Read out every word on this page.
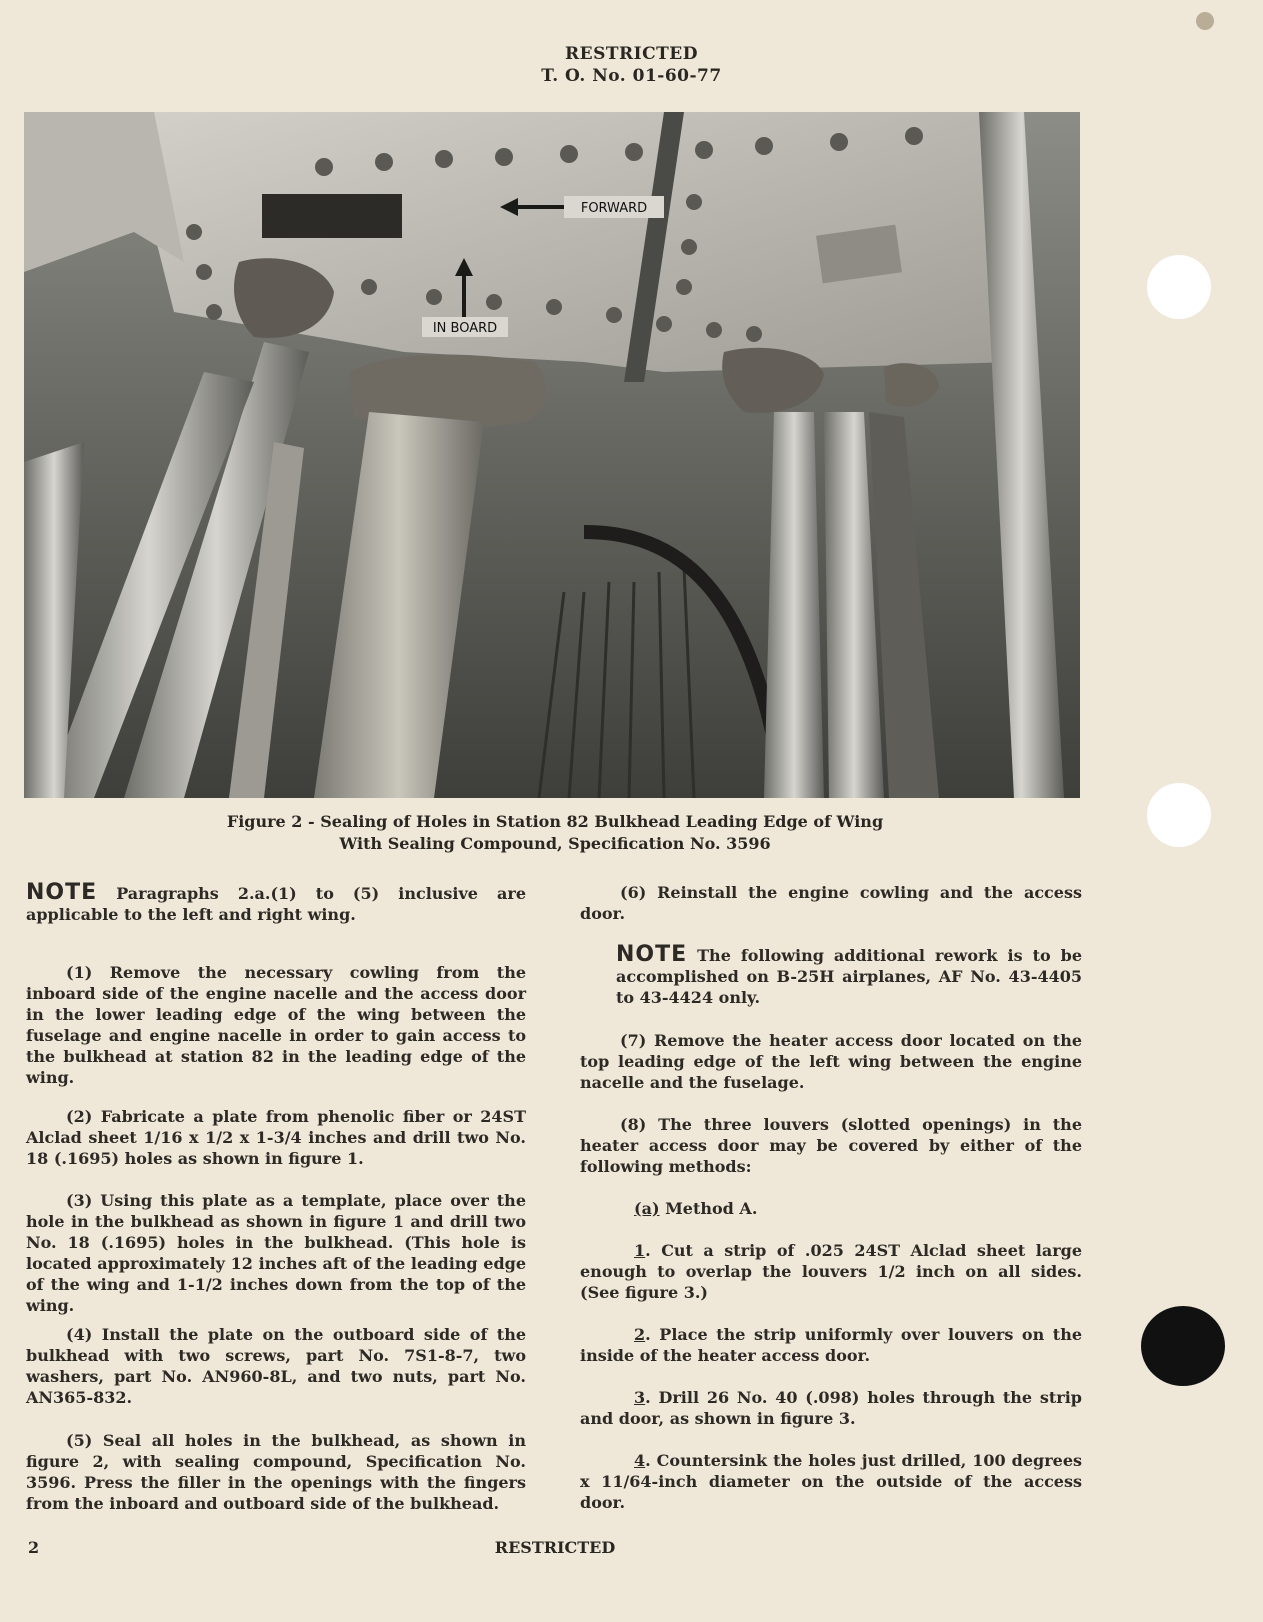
RESTRICTED
T. O. No. 01-60-77
FORWARD
IN BOARD
Figure 2 - Sealing of Holes in Station 82 Bulkhead Leading Edge of Wing
With Sealing Compound, Specification No. 3596
NOTE Paragraphs 2.a.(1) to (5) inclusive are applicable to the left and right wing.
(1) Remove the necessary cowling from the inboard side of the engine nacelle and the access door in the lower leading edge of the wing between the fuselage and engine nacelle in order to gain access to the bulkhead at station 82 in the leading edge of the wing.
(2) Fabricate a plate from phenolic fiber or 24ST Alclad sheet 1/16 x 1/2 x 1-3/4 inches and drill two No. 18 (.1695) holes as shown in figure 1.
(3) Using this plate as a template, place over the hole in the bulkhead as shown in figure 1 and drill two No. 18 (.1695) holes in the bulkhead. (This hole is located approximately 12 inches aft of the leading edge of the wing and 1-1/2 inches down from the top of the wing.
(4) Install the plate on the outboard side of the bulkhead with two screws, part No. 7S1-8-7, two washers, part No. AN960-8L, and two nuts, part No. AN365-832.
(5) Seal all holes in the bulkhead, as shown in figure 2, with sealing compound, Specification No. 3596. Press the filler in the openings with the fingers from the inboard and outboard side of the bulkhead.
(6) Reinstall the engine cowling and the access door.
NOTE The following additional rework is to be accomplished on B-25H airplanes, AF No. 43-4405 to 43-4424 only.
(7) Remove the heater access door located on the top leading edge of the left wing between the engine nacelle and the fuselage.
(8) The three louvers (slotted openings) in the heater access door may be covered by either of the following methods:
(a) Method A.
1. Cut a strip of .025 24ST Alclad sheet large enough to overlap the louvers 1/2 inch on all sides. (See figure 3.)
2. Place the strip uniformly over louvers on the inside of the heater access door.
3. Drill 26 No. 40 (.098) holes through the strip and door, as shown in figure 3.
4. Countersink the holes just drilled, 100 degrees x 11/64-inch diameter on the outside of the access door.
2	RESTRICTED
